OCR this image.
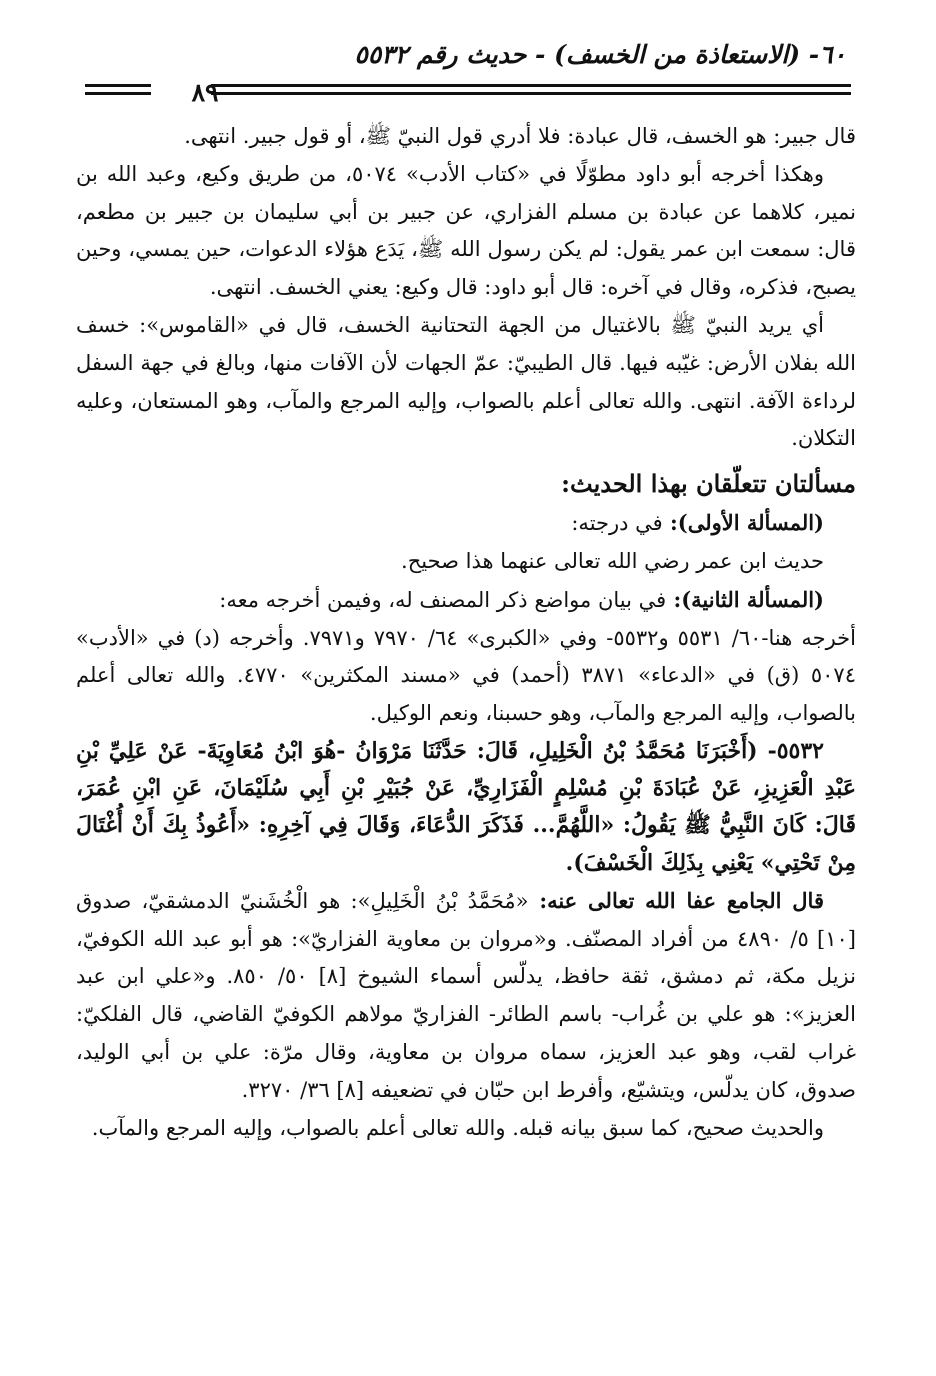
٦٠- (الاستعاذة من الخسف) - حديث رقم ٥٥٣٢
٨٩

قال جبير: هو الخسف، قال عبادة: فلا أدري قول النبيّ ﷺ، أو قول جبير. انتهى.

وهكذا أخرجه أبو داود مطوّلًا في «كتاب الأدب» ٥٠٧٤، من طريق وكيع، وعبد الله بن نمير، كلاهما عن عبادة بن مسلم الفزاري، عن جبير بن أبي سليمان بن جبير بن مطعم، قال: سمعت ابن عمر يقول: لم يكن رسول الله ﷺ، يَدَع هؤلاء الدعوات، حين يمسي، وحين يصبح، فذكره، وقال في آخره: قال أبو داود: قال وكيع: يعني الخسف. انتهى.

أي يريد النبيّ ﷺ بالاغتيال من الجهة التحتانية الخسف، قال في «القاموس»: خسف الله بفلان الأرض: غيّبه فيها. قال الطيبيّ: عمّ الجهات لأن الآفات منها، وبالغ في جهة السفل لرداءة الآفة. انتهى. والله تعالى أعلم بالصواب، وإليه المرجع والمآب، وهو المستعان، وعليه التكلان.

مسألتان تتعلّقان بهذا الحديث:

(المسألة الأولى): في درجته:

حديث ابن عمر رضي الله تعالى عنهما هذا صحيح.

(المسألة الثانية): في بيان مواضع ذكر المصنف له، وفيمن أخرجه معه:

أخرجه هنا-٦٠/ ٥٥٣١ و٥٥٣٢- وفي «الكبرى» ٦٤/ ٧٩٧٠ و٧٩٧١. وأخرجه (د) في «الأدب» ٥٠٧٤ (ق) في «الدعاء» ٣٨٧١ (أحمد) في «مسند المكثرين» ٤٧٧٠. والله تعالى أعلم بالصواب، وإليه المرجع والمآب، وهو حسبنا، ونعم الوكيل.

٥٥٣٢- (أَخْبَرَنَا مُحَمَّدُ بْنُ الْخَلِيلِ، قَالَ: حَدَّثَنَا مَرْوَانُ -هُوَ ابْنُ مُعَاوِيَةَ- عَنْ عَلِيِّ بْنِ عَبْدِ الْعَزِيزِ، عَنْ عُبَادَةَ بْنِ مُسْلِمٍ الْفَزَارِيِّ، عَنْ جُبَيْرِ بْنِ أَبِي سُلَيْمَانَ، عَنِ ابْنِ عُمَرَ، قَالَ: كَانَ النَّبِيُّ ﷺ يَقُولُ: «اللَّهُمَّ... فَذَكَرَ الدُّعَاءَ، وَقَالَ فِي آخِرِهِ: «أَعُوذُ بِكَ أَنْ أُغْتَالَ مِنْ تَحْتِي» يَعْنِي بِذَلِكَ الْخَسْفَ).

قال الجامع عفا الله تعالى عنه: «مُحَمَّدُ بْنُ الْخَلِيلِ»: هو الْخُشَنيّ الدمشقيّ، صدوق [١٠] ٥/ ٤٨٩٠ من أفراد المصنّف. و«مروان بن معاوية الفزاريّ»: هو أبو عبد الله الكوفيّ، نزيل مكة، ثم دمشق، ثقة حافظ، يدلّس أسماء الشيوخ [٨] ٥٠/ ٨٥٠. و«علي ابن عبد العزيز»: هو علي بن غُراب- باسم الطائر- الفزاريّ مولاهم الكوفيّ القاضي، قال الفلكيّ: غراب لقب، وهو عبد العزيز، سماه مروان بن معاوية، وقال مرّة: علي بن أبي الوليد، صدوق، كان يدلّس، ويتشيّع، وأفرط ابن حبّان في تضعيفه [٨] ٣٦/ ٣٢٧٠.

والحديث صحيح، كما سبق بيانه قبله. والله تعالى أعلم بالصواب، وإليه المرجع والمآب.
